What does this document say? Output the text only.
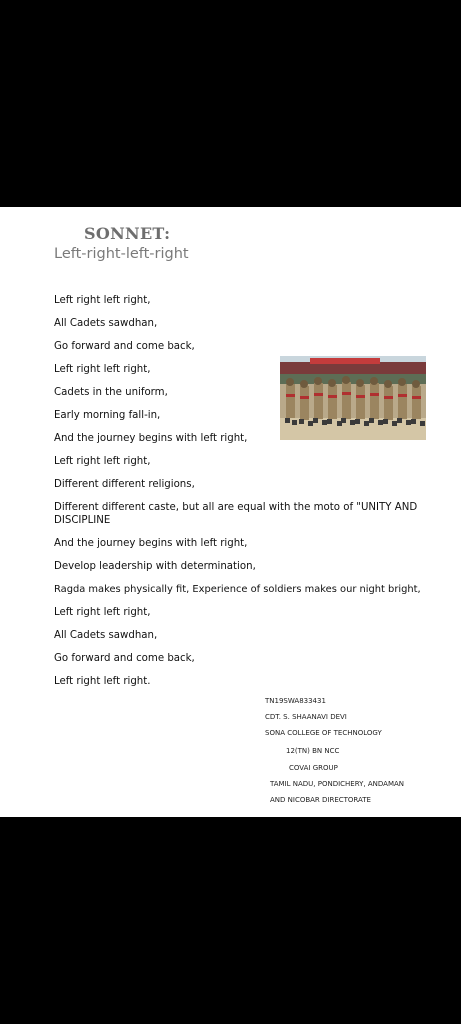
SONNET:
Left-right-left-right
Left right left right,
All Cadets sawdhan,
Go forward and come back,
Left right left right,
Cadets in the uniform,
Early morning fall-in,
And the journey begins with left right,
Left right left right,
Different different religions,
Different different caste, but all are equal with the moto of "UNITY AND DISCIPLINE
And the journey begins with left right,
Develop leadership with determination,
Ragda makes physically fit, Experience of soldiers makes our night bright,
Left right left right,
All Cadets sawdhan,
Go forward and come back,
Left right left right.
TN19SWA833431
CDT. S. SHAANAVI DEVI
SONA COLLEGE OF TECHNOLOGY
12(TN) BN NCC
COVAI GROUP
TAMIL NADU, PONDICHERY, ANDAMAN
AND NICOBAR DIRECTORATE
